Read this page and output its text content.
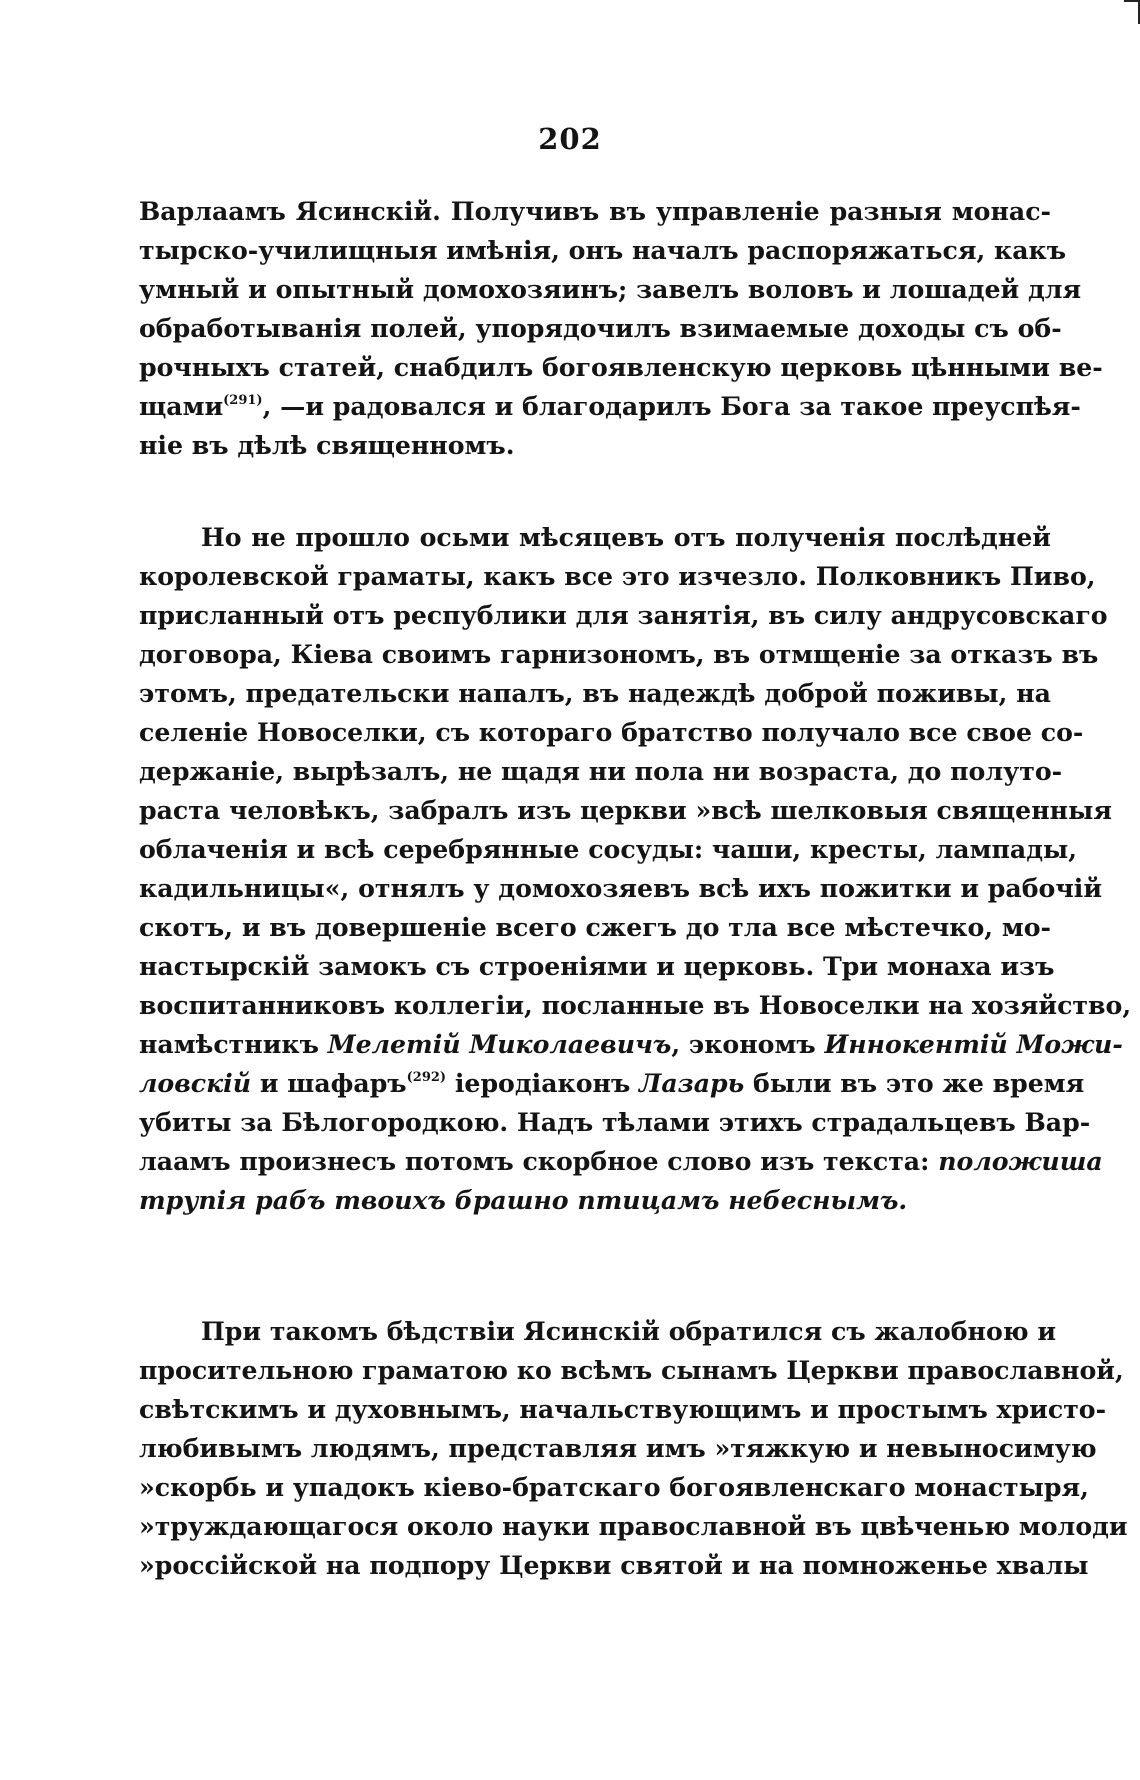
202
Варлаамъ Ясинскій. Получивъ въ управленіе разныя монас-
тырско-училищныя имѣнія, онъ началъ распоряжаться, какъ
умный и опытный домохозяинъ; завелъ воловъ и лошадей для
обработыванія полей, упорядочилъ взимаемые доходы съ об-
рочныхъ статей, снабдилъ богоявленскую церковь цѣнными ве-
щами$^{(291)}$, —и радовался и благодарилъ Бога за такое преуспѣя-
ніе въ дѣлѣ священномъ.
Но не прошло осьми мѣсяцевъ отъ полученія послѣдней
королевской граматы, какъ все это изчезло. Полковникъ Пиво,
присланный отъ республики для занятія, въ силу андрусовскаго
договора, Кіева своимъ гарнизономъ, въ отмщеніе за отказъ въ
этомъ, предательски напалъ, въ надеждѣ доброй поживы, на
селеніе Новоселки, съ котораго братство получало все свое со-
держаніе, вырѣзалъ, не щадя ни пола ни возраста, до полуто-
раста человѣкъ, забралъ изъ церкви »всѣ шелковыя священныя
облаченія и всѣ серебрянные сосуды: чаши, кресты, лампады,
кадильницы«, отнялъ у домохозяевъ всѣ ихъ пожитки и рабочій
скотъ, и въ довершеніе всего сжегъ до тла все мѣстечко, мо-
настырскій замокъ съ строеніями и церковь. Три монаха изъ
воспитанниковъ коллегіи, посланные въ Новоселки на хозяйство,
намѣстникъ Мелетій Миколаевичъ, экономъ Иннокентій Можи-
ловскій и шафаръ$^{(292)}$ іеродіаконъ Лазарь были въ это же время
убиты за Бѣлогородкою. Надъ тѣлами этихъ страдальцевъ Вар-
лаамъ произнесъ потомъ скорбное слово изъ текста: положиша
трупія рабъ твоихъ брашно птицамъ небеснымъ.
При такомъ бѣдствіи Ясинскій обратился съ жалобною и
просительною граматою ко всѣмъ сынамъ Церкви православной,
свѣтскимъ и духовнымъ, начальствующимъ и простымъ христо-
любивымъ людямъ, представляя имъ »тяжкую и невыносимую
»скорбь и упадокъ кіево-братскаго богоявленскаго монастыря,
»труждающагося около науки православной въ цвѣченью молоди
»россійской на подпору Церкви святой и на помноженье хвалы
